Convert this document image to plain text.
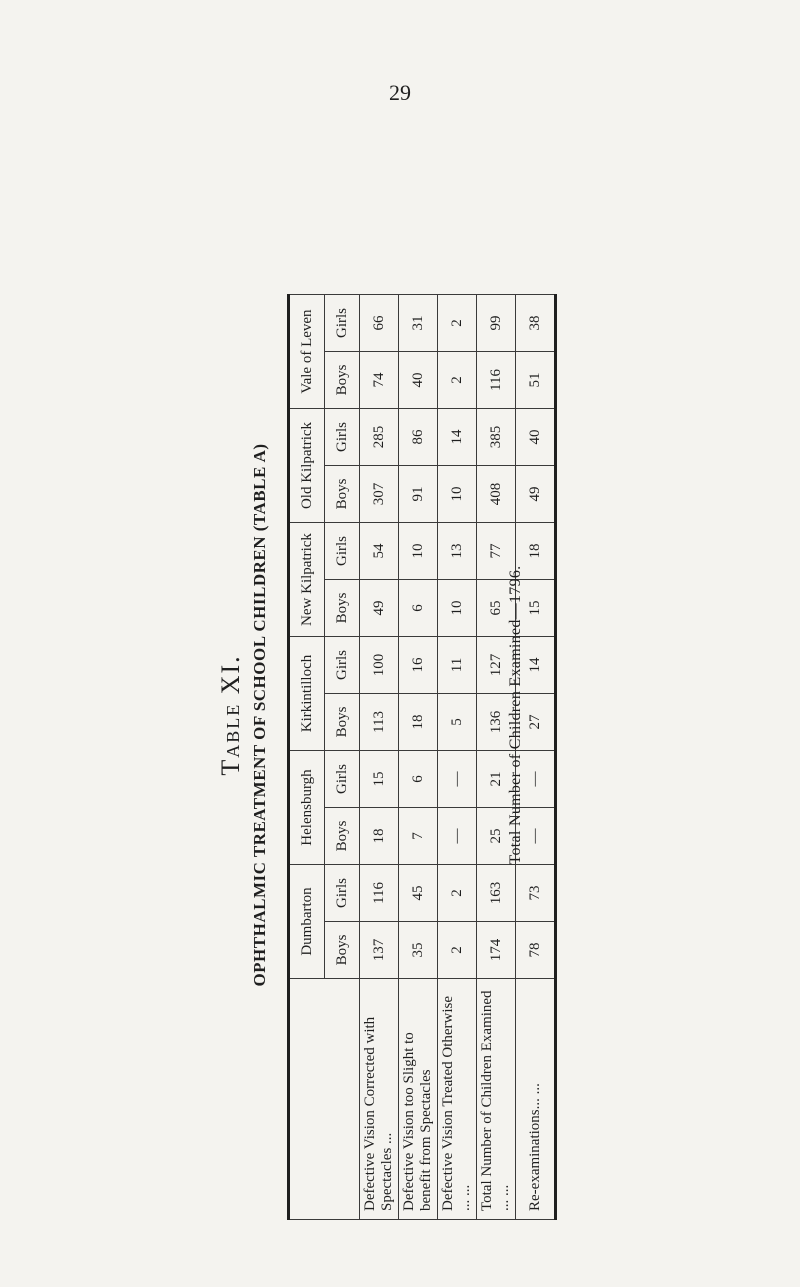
29
Table XI. OPHTHALMIC TREATMENT OF SCHOOL CHILDREN (TABLE A)
	Dumbarton		Helensburgh		Kirkintilloch		New Kilpatrick		Old Kilpatrick		Vale of Leven	
	Boys	Girls	Boys	Girls	Boys	Girls	Boys	Girls	Boys	Girls	Boys	Girls
Defective Vision Corrected with Spectacles ...	137	116	18	15	113	100	49	54	307	285	74	66
Defective Vision too Slight to benefit from Spectacles	35	45	7	6	18	16	6	10	91	86	40	31
Defective Vision Treated Otherwise ... ...	2	2	—	—	5	11	10	13	10	14	2	2
Total Number of Children Examined ... ...	174	163	25	21	136	127	65	77	408	385	116	99
Re-examinations... ...	78	73	—	—	27	14	15	18	49	40	51	38
Total Number of Children Examined—1796.
